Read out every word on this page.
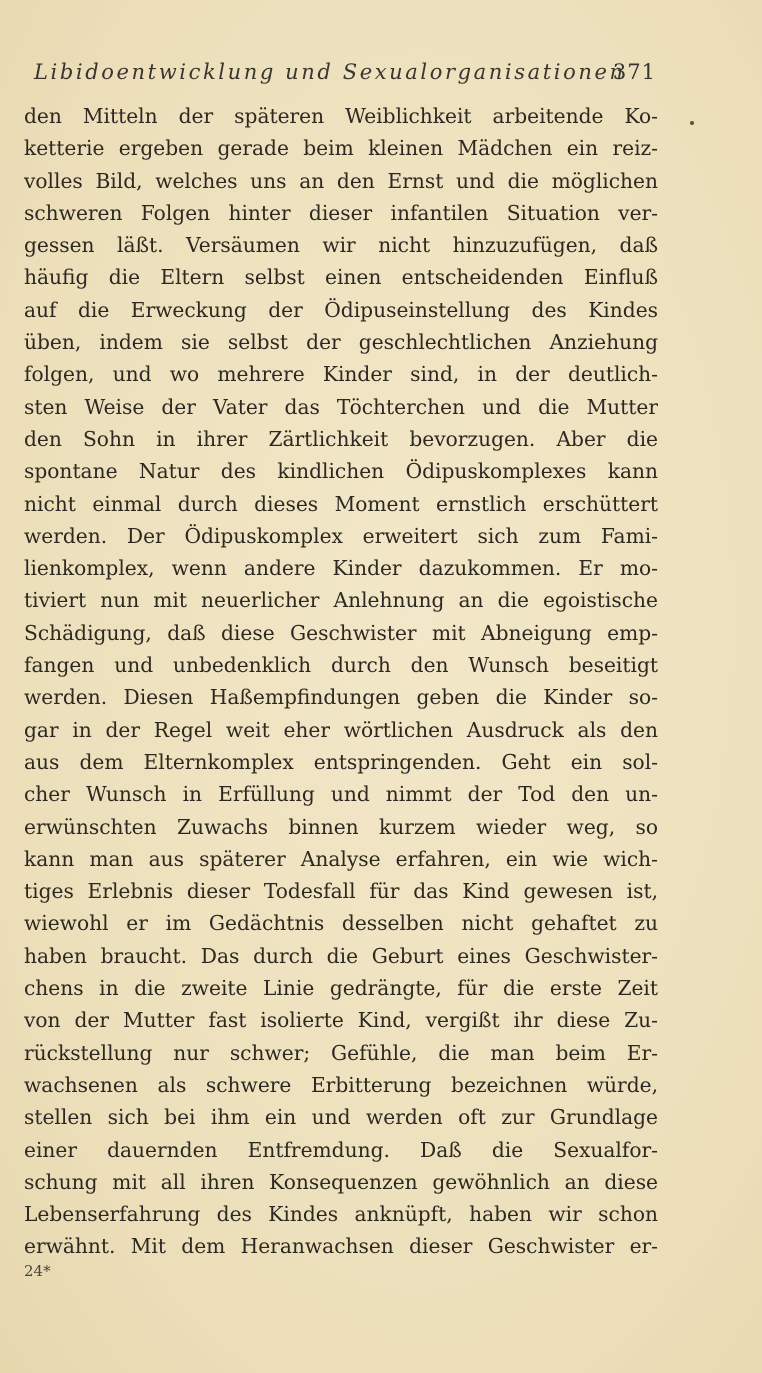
Libidoentwicklung und Sexualorganisationen
371
den Mitteln der späteren Weiblichkeit arbeitende Ko-
ketterie ergeben gerade beim kleinen Mädchen ein reiz-
volles Bild, welches uns an den Ernst und die möglichen
schweren Folgen hinter dieser infantilen Situation ver-
gessen läßt. Versäumen wir nicht hinzuzufügen, daß
häufig die Eltern selbst einen entscheidenden Einfluß
auf die Erweckung der Ödipuseinstellung des Kindes
üben, indem sie selbst der geschlechtlichen Anziehung
folgen, und wo mehrere Kinder sind, in der deutlich-
sten Weise der Vater das Töchterchen und die Mutter
den Sohn in ihrer Zärtlichkeit bevorzugen. Aber die
spontane Natur des kindlichen Ödipuskomplexes kann
nicht einmal durch dieses Moment ernstlich erschüttert
werden. Der Ödipuskomplex erweitert sich zum Fami-
lienkomplex, wenn andere Kinder dazukommen. Er mo-
tiviert nun mit neuerlicher Anlehnung an die egoistische
Schädigung, daß diese Geschwister mit Abneigung emp-
fangen und unbedenklich durch den Wunsch beseitigt
werden. Diesen Haßempfindungen geben die Kinder so-
gar in der Regel weit eher wörtlichen Ausdruck als den
aus dem Elternkomplex entspringenden. Geht ein sol-
cher Wunsch in Erfüllung und nimmt der Tod den un-
erwünschten Zuwachs binnen kurzem wieder weg, so
kann man aus späterer Analyse erfahren, ein wie wich-
tiges Erlebnis dieser Todesfall für das Kind gewesen ist,
wiewohl er im Gedächtnis desselben nicht gehaftet zu
haben braucht. Das durch die Geburt eines Geschwister-
chens in die zweite Linie gedrängte, für die erste Zeit
von der Mutter fast isolierte Kind, vergißt ihr diese Zu-
rückstellung nur schwer; Gefühle, die man beim Er-
wachsenen als schwere Erbitterung bezeichnen würde,
stellen sich bei ihm ein und werden oft zur Grundlage
einer dauernden Entfremdung. Daß die Sexualfor-
schung mit all ihren Konsequenzen gewöhnlich an diese
Lebenserfahrung des Kindes anknüpft, haben wir schon
erwähnt. Mit dem Heranwachsen dieser Geschwister er-
24*
